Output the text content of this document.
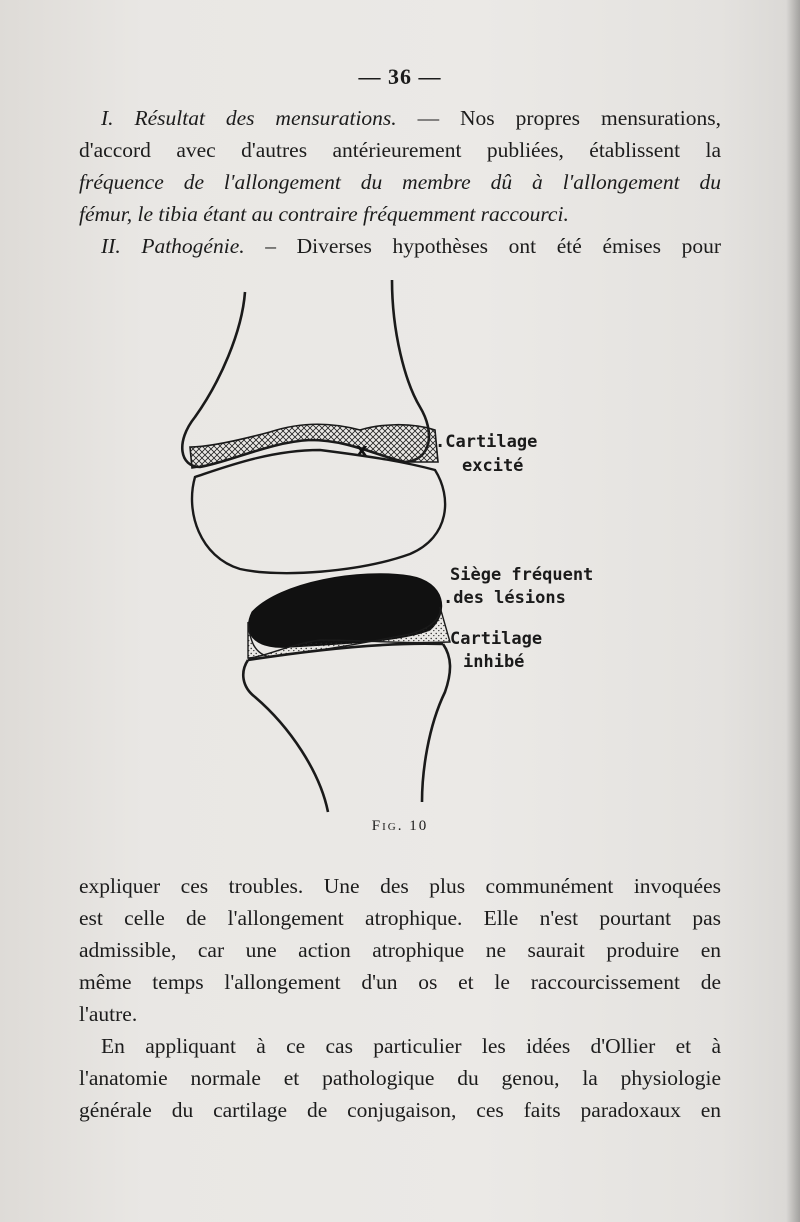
— 36 —
I. Résultat des mensurations. — Nos propres mensurations,
d'accord avec d'autres antérieurement publiées, établissent la
fréquence de l'allongement du membre dû à l'allongement du
fémur, le tibia étant au contraire fréquemment raccourci.
II. Pathogénie. – Diverses hypothèses ont été émises pour
x	.Cartilage
excité
Siège fréquent
.des lésions
Cartilage
inhibé
Fig. 10
expliquer ces troubles. Une des plus communément invoquées
est celle de l'allongement atrophique. Elle n'est pourtant pas
admissible, car une action atrophique ne saurait produire en
même temps l'allongement d'un os et le raccourcissement de
l'autre.
En appliquant à ce cas particulier les idées d'Ollier et à
l'anatomie normale et pathologique du genou, la physiologie
générale du cartilage de conjugaison, ces faits paradoxaux en
